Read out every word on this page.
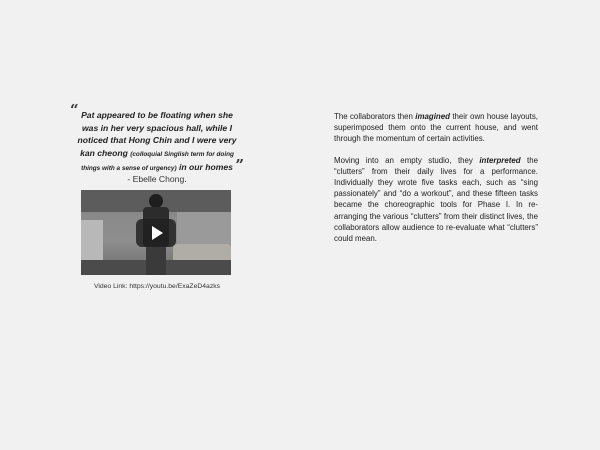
“ Pat appeared to be floating when she was in her very spacious hall, while I noticed that Hong Chin and I were very kan cheong (colloquial Singlish term for doing things with a sense of urgency) in our homes ”
- Ebelle Chong.
Video Link: https://youtu.be/ExaZeD4azks

The collaborators then imagined their own house layouts, superimposed them onto the current house, and went through the momentum of certain activities.

Moving into an empty studio, they interpreted the “clutters” from their daily lives for a performance. Individually they wrote five tasks each, such as “sing passionately” and “do a workout”, and these fifteen tasks became the choreographic tools for Phase I. In re-arranging the various “clutters” from their distinct lives, the collaborators allow audience to re-evaluate what “clutters” could mean.
